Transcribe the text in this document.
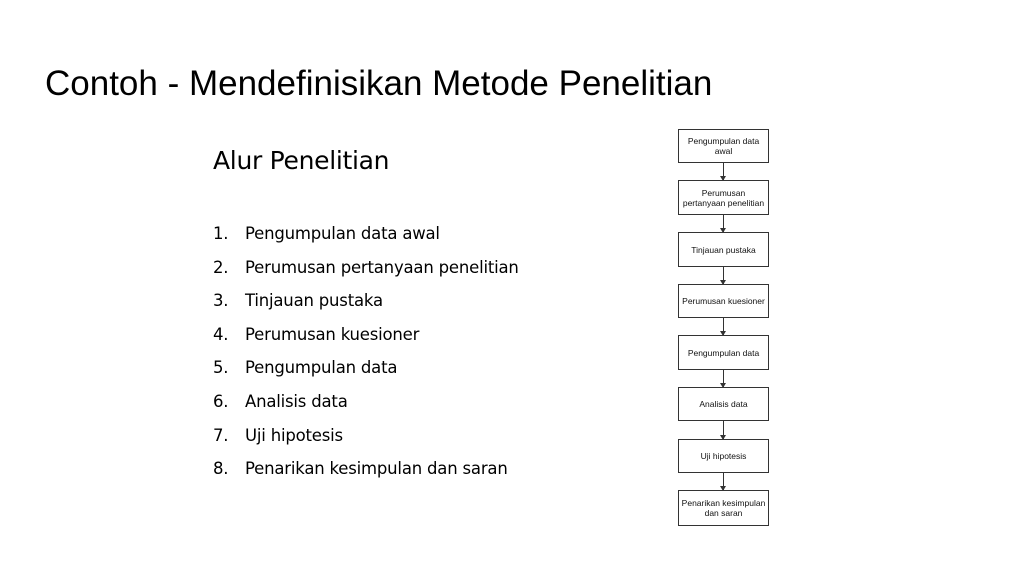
Contoh - Mendefinisikan Metode Penelitian
Alur Penelitian
1. Pengumpulan data awal
2. Perumusan pertanyaan penelitian
3. Tinjauan pustaka
4. Perumusan kuesioner
5. Pengumpulan data
6. Analisis data
7. Uji hipotesis
8. Penarikan kesimpulan dan saran
Pengumpulan data awal
Perumusan pertanyaan penelitian
Tinjauan pustaka
Perumusan kuesioner
Pengumpulan data
Analisis data
Uji hipotesis
Penarikan kesimpulan dan saran
